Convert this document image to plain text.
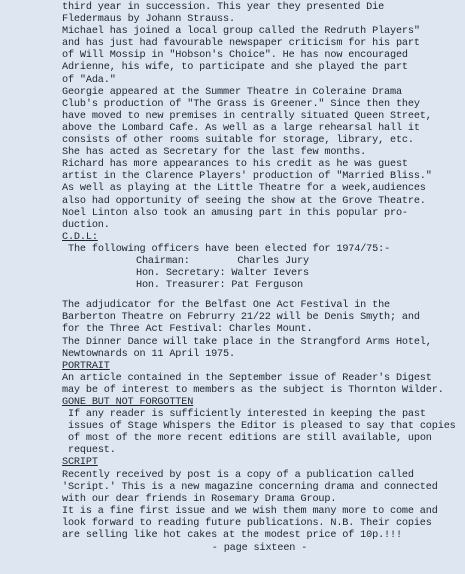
third year in succession. This year they presented Die
Fledermaus by Johann Strauss.
Michael has joined a local group called the Redruth Players"
and has just had favourable newspaper criticism for his part
of Will Mossip in "Hobson's Choice". He has now encouraged
Adrienne, his wife, to participate and she played the part
of "Ada."
Georgie appeared at the Summer Theatre in Coleraine Drama
Club's production of "The Grass is Greener." Since then they
have moved to new premises in centrally situated Queen Street,
above the Lombard Cafe. As well as a large rehearsal hall it
consists of other rooms suitable for storage, library, etc.
She has acted as Secretary for the last few months.
Richard has more appearances to his credit as he was guest
artist in the Clarence Players' production of "Married Bliss."
As well as playing at the Little Theatre for a week,audiences
also had opportunity of seeing the show at the Grove Theatre.
Noel Linton also took an amusing part in this popular pro-
duction.
C.D.L:
The following officers have been elected for 1974/75:-
Chairman:        Charles Jury
Hon. Secretary: Walter Ievers
Hon. Treasurer: Pat Ferguson
The adjudicator for the Belfast One Act Festival in the
Barberton Theatre on Februrry 21/22 will be Denis Smyth; and
for the Three Act Festival: Charles Mount.
The Dinner Dance will take place in the Strangford Arms Hotel,
Newtownards on 11 April 1975.
PORTRAIT
An article contained in the September issue of Reader's Digest
may be of interest to members as the subject is Thornton Wilder.
GONE BUT NOT FORGOTTEN
If any reader is sufficiently interested in keeping the past
issues of Stage Whispers the Editor is pleased to say that copies
of most of the more recent editions are still available, upon
request.
SCRIPT
Recently received by post is a copy of a publication called
'Script.' This is a new magazine concerning drama and connected
with our dear friends in Rosemary Drama Group.
It is a fine first issue and we wish them many more to come and
look forward to reading future publications. N.B. Their copies
are selling like hot cakes at the modest price of 10p.!!!
- page sixteen -
